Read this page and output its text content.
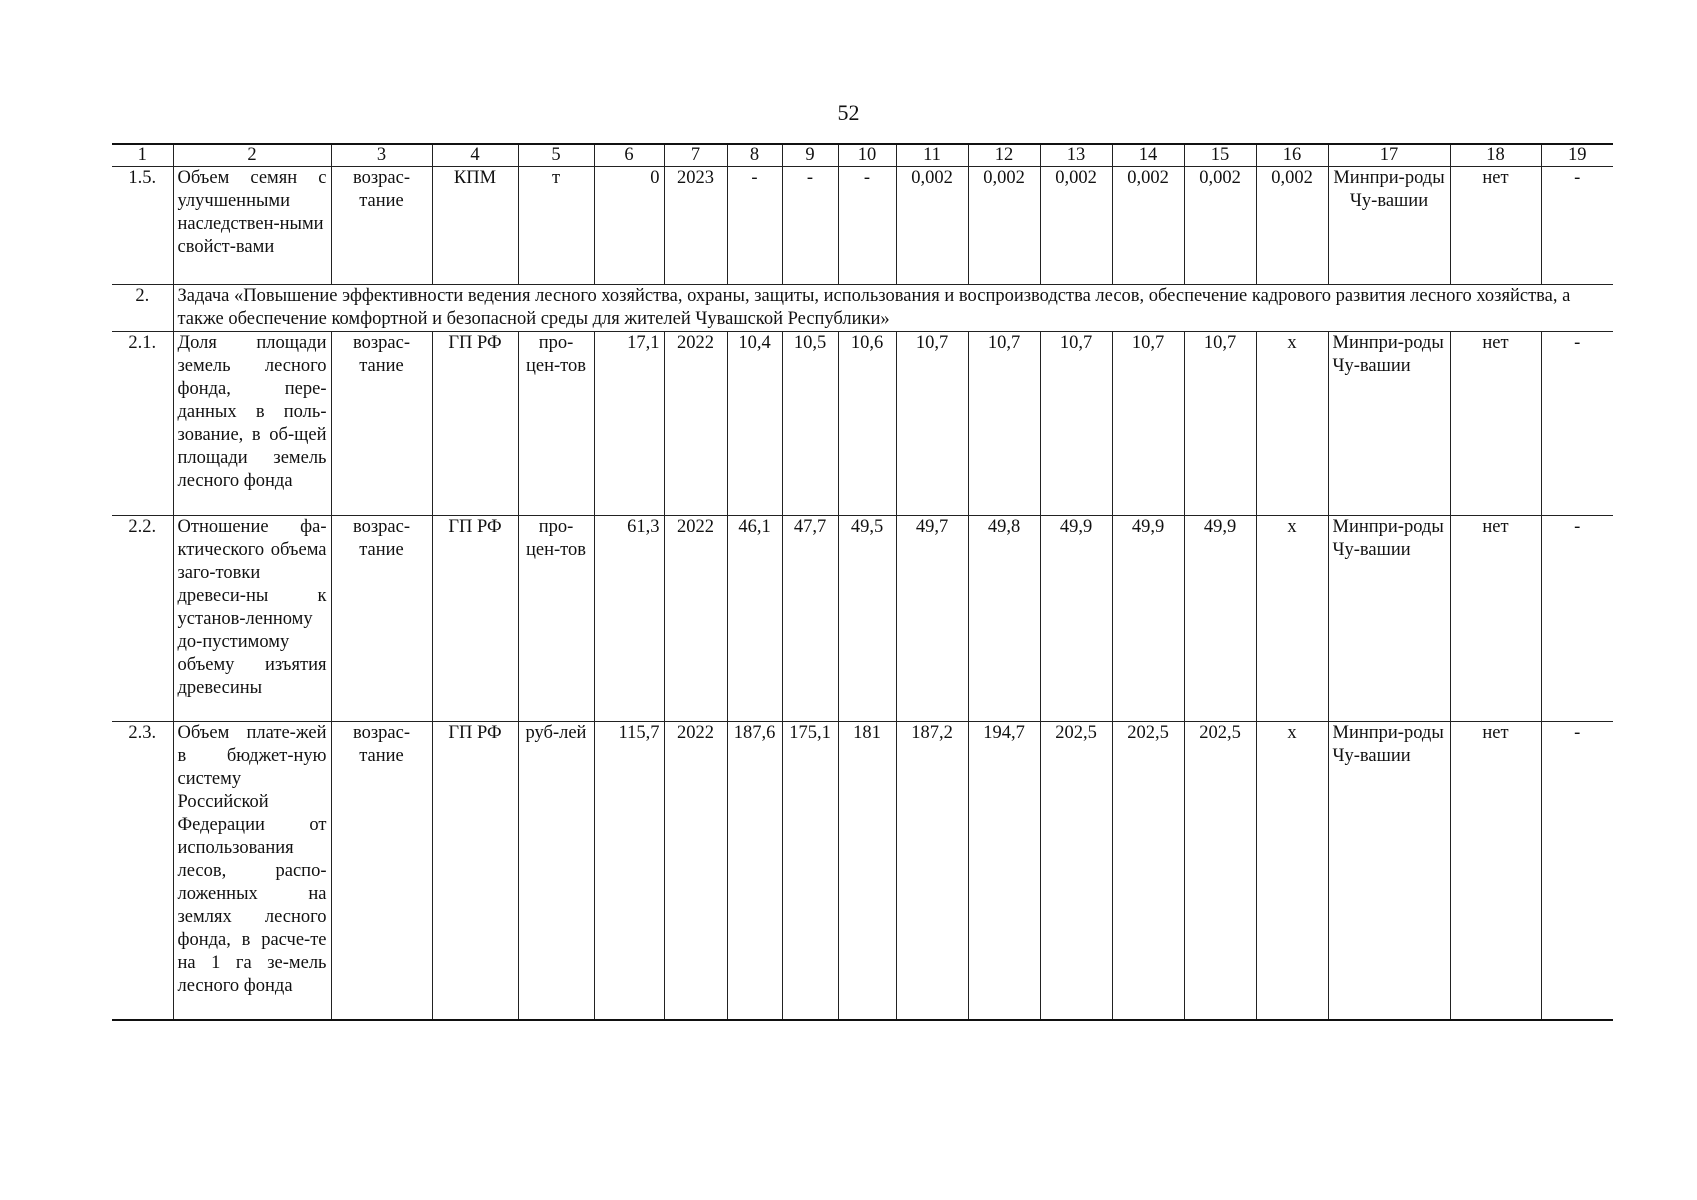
52
1	2	3	4	5	6	7	8	9	10	11	12	13	14	15	16	17	18	19
1.5.	Объем семян с улучшенными наследствен-ными свойст-вами	возрас-тание	КПМ	т	0	2023	-	-	-	0,002	0,002	0,002	0,002	0,002	0,002	Минпри-роды Чу-вашии	нет	-
2.	Задача «Повышение эффективности ведения лесного хозяйства, охраны, защиты, использования и воспроизводства лесов, обеспечение кадрового развития лесного хозяйства, а также обеспечение комфортной и безопасной среды для жителей Чувашской Республики»																	
2.1.	Доля площади земель лесного фонда, пере-данных в поль-зование, в об-щей площади земель лесного фонда	возрас-тание	ГП РФ	про-цен-тов	17,1	2022	10,4	10,5	10,6	10,7	10,7	10,7	10,7	10,7	х	Минпри-роды Чу-вашии	нет	-
2.2.	Отношение фа-ктического объема заго-товки древеси-ны к установ-ленному до-пустимому объему изъятия древесины	возрас-тание	ГП РФ	про-цен-тов	61,3	2022	46,1	47,7	49,5	49,7	49,8	49,9	49,9	49,9	х	Минпри-роды Чу-вашии	нет	-
2.3.	Объем плате-жей в бюджет-ную систему Российской Федерации от использования лесов, распо-ложенных на землях лесного фонда, в расче-те на 1 га зе-мель лесного фонда	возрас-тание	ГП РФ	руб-лей	115,7	2022	187,6	175,1	181	187,2	194,7	202,5	202,5	202,5	х	Минпри-роды Чу-вашии	нет	-
